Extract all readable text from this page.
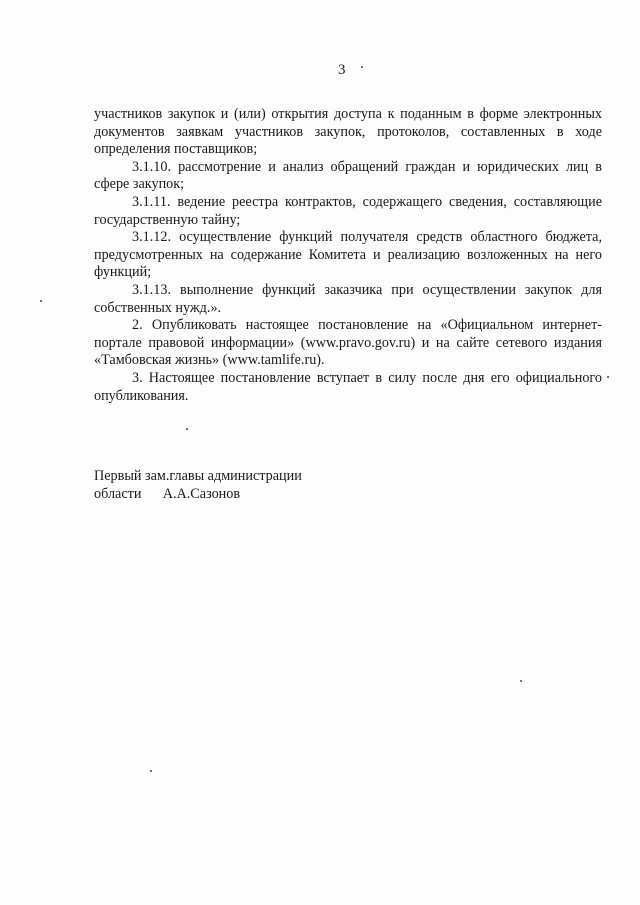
3

участников закупок и (или) открытия доступа к поданным в форме электронных документов заявкам участников закупок, протоколов, составленных в ходе определения поставщиков;

3.1.10. рассмотрение и анализ обращений граждан и юридических лиц в сфере закупок;

3.1.11. ведение реестра контрактов, содержащего сведения, составляющие государственную тайну;

3.1.12. осуществление функций получателя средств областного бюджета, предусмотренных на содержание Комитета и реализацию возложенных на него функций;

3.1.13. выполнение функций заказчика при осуществлении закупок для собственных нужд.».

2. Опубликовать настоящее постановление на «Официальном интернет-портале правовой информации» (www.pravo.gov.ru) и на сайте сетевого издания «Тамбовская жизнь» (www.tamlife.ru).

3. Настоящее постановление вступает в силу после дня его официального опубликования.

Первый зам.главы администрации
области А.А.Сазонов
